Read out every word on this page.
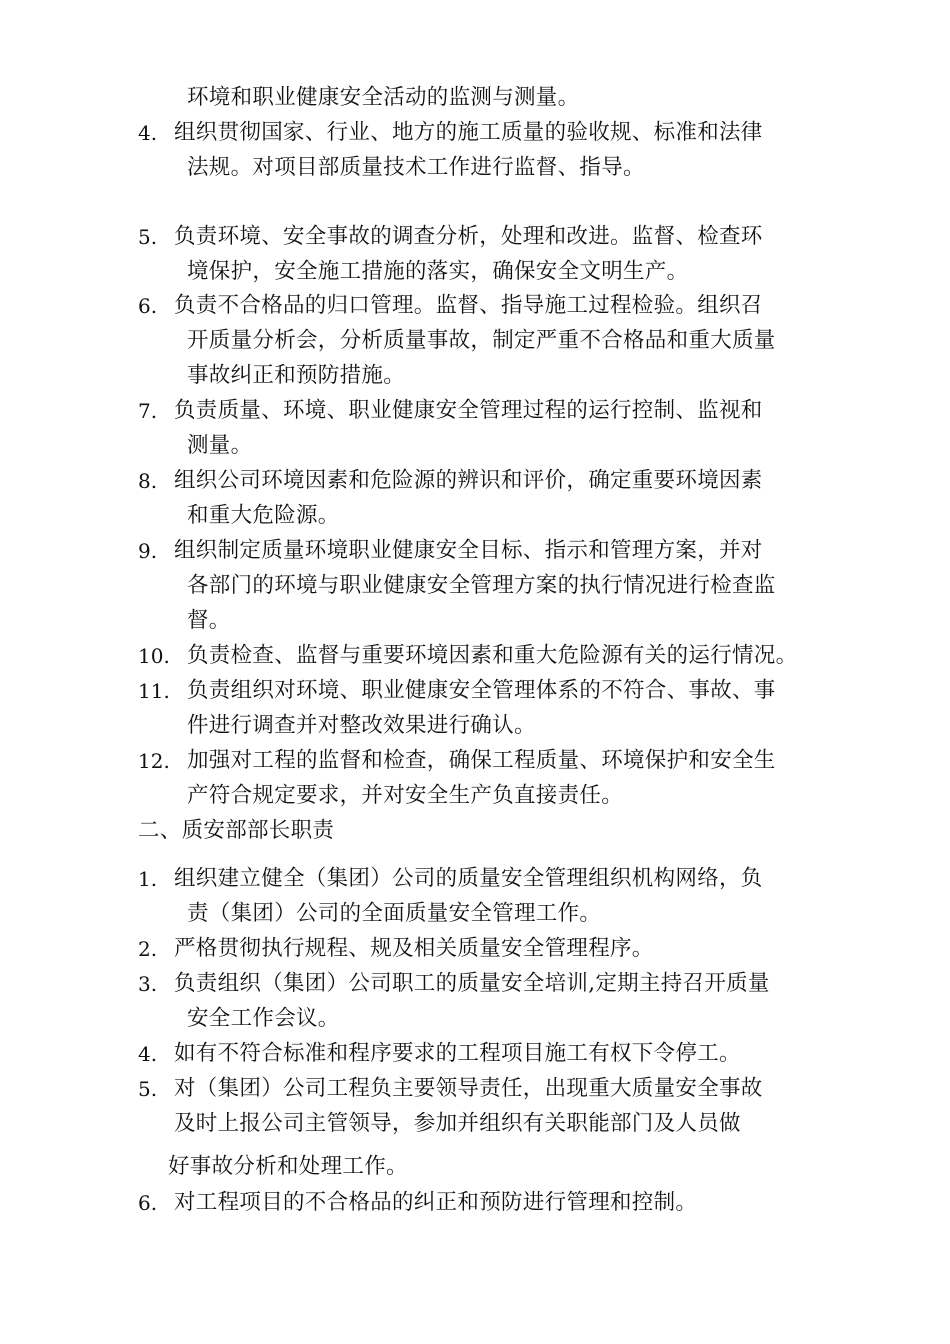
环境和职业健康安全活动的监测与测量。
4. 组织贯彻国家、行业、地方的施工质量的验收规、标准和法律
法规。对项目部质量技术工作进行监督、指导。
5. 负责环境、安全事故的调查分析，处理和改进。监督、检查环
境保护，安全施工措施的落实，确保安全文明生产。
6. 负责不合格品的归口管理。监督、指导施工过程检验。组织召
开质量分析会，分析质量事故，制定严重不合格品和重大质量
事故纠正和预防措施。
7. 负责质量、环境、职业健康安全管理过程的运行控制、监视和
测量。
8. 组织公司环境因素和危险源的辨识和评价，确定重要环境因素
和重大危险源。
9. 组织制定质量环境职业健康安全目标、指示和管理方案，并对
各部门的环境与职业健康安全管理方案的执行情况进行检查监
督。
10. 负责检查、监督与重要环境因素和重大危险源有关的运行情况。
11. 负责组织对环境、职业健康安全管理体系的不符合、事故、事
件进行调查并对整改效果进行确认。
12. 加强对工程的监督和检查，确保工程质量、环境保护和安全生
产符合规定要求，并对安全生产负直接责任。
二、质安部部长职责
1. 组织建立健全（集团）公司的质量安全管理组织机构网络，负
责（集团）公司的全面质量安全管理工作。
2. 严格贯彻执行规程、规及相关质量安全管理程序。
3. 负责组织（集团）公司职工的质量安全培训,定期主持召开质量
安全工作会议。
4. 如有不符合标准和程序要求的工程项目施工有权下令停工。
5. 对（集团）公司工程负主要领导责任，出现重大质量安全事故
及时上报公司主管领导，参加并组织有关职能部门及人员做
好事故分析和处理工作。
6. 对工程项目的不合格品的纠正和预防进行管理和控制。
